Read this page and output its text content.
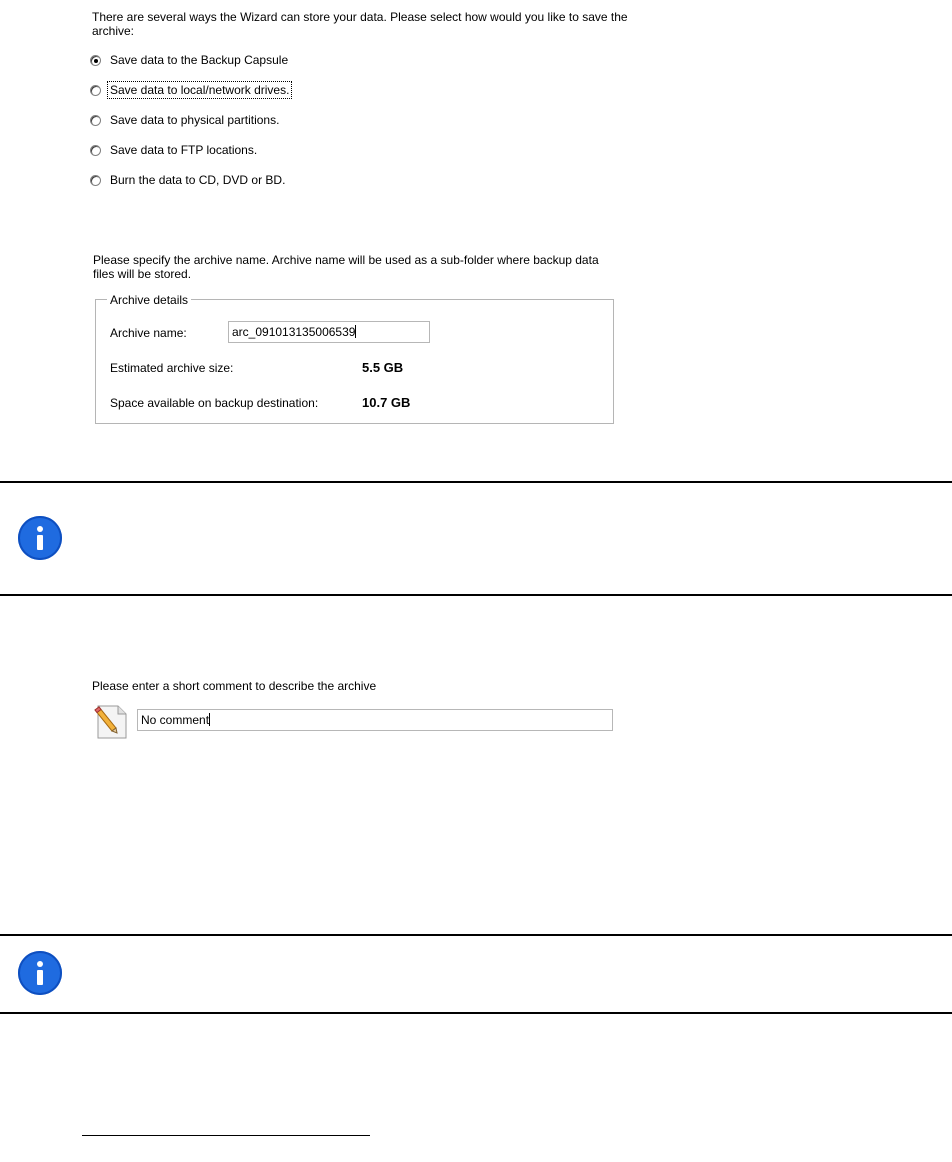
There are several ways the Wizard can store your data. Please select how would you like to save the archive:
Save data to the Backup Capsule
Save data to local/network drives.
Save data to physical partitions.
Save data to FTP locations.
Burn the data to CD, DVD or BD.
Please specify the archive name. Archive name will be used as a sub-folder where backup data files will be stored.
Archive details
Archive name:	arc_091013135006539
Estimated archive size:	5.5 GB
Space available on backup destination:	10.7 GB
Please enter a short comment to describe the archive
No comment
